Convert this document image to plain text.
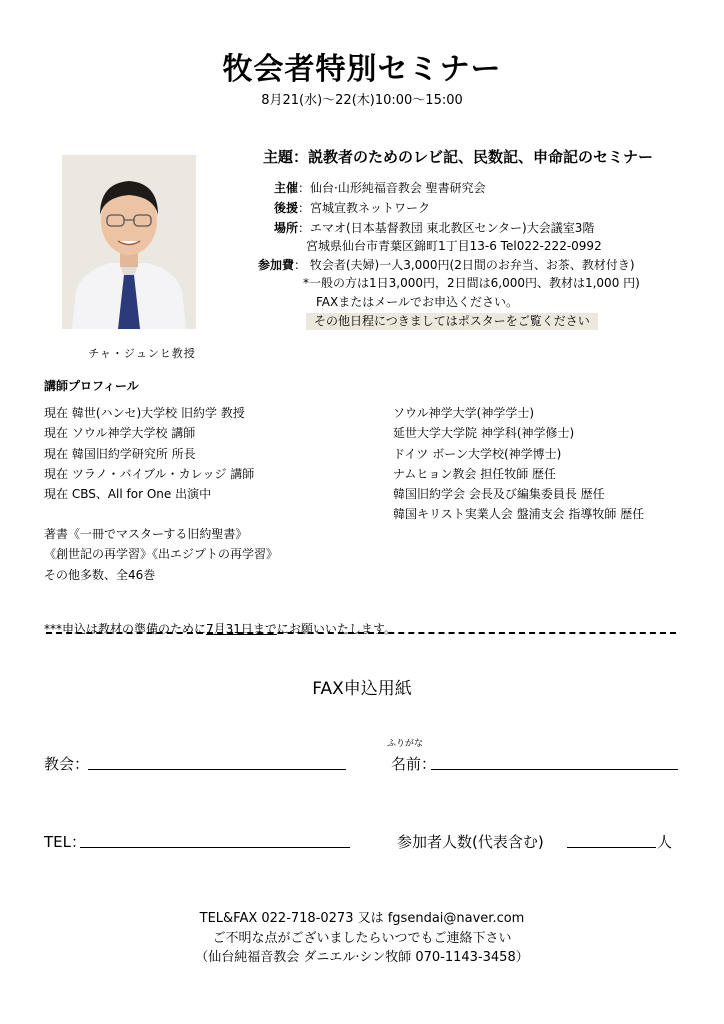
牧会者特別セミナー
8月21(水)～22(木)10:00～15:00
主題：説教者のためのレビ記、民数記、申命記のセミナー
チャ・ジュンヒ教授
主催：仙台·山形純福音教会 聖書研究会
後援：宮城宣教ネットワーク
場所：エマオ(日本基督教団 東北教区センター)大会議室3階
宮城県仙台市青葉区錦町1丁目13-6 Tel022-222-0992
参加費： 牧会者(夫婦)一人3,000円(2日間のお弁当、お茶、教材付き)
*一般の方は1日3,000円，2日間は6,000円、教材は1,000 円)
FAXまたはメールでお申込ください。
その他日程につきましてはポスターをご覧ください
講師プロフィール
現在 韓世(ハンセ)大学校 旧約学 教授
現在 ソウル神学大学校 講師
現在 韓国旧約学研究所 所長
現在 ツラノ・バイブル・カレッジ 講師
現在 CBS、All for One 出演中
ソウル神学大学(神学学士)
延世大学大学院 神学科(神学修士)
ドイツ ボーン大学校(神学博士)
ナムヒョン教会 担任牧師 歴任
韓国旧約学会 会長及び編集委員長 歴任
韓国キリスト実業人会 盤浦支会 指導牧師 歴任
著書《一冊でマスターする旧約聖書》
《創世記の再学習》《出エジプトの再学習》
その他多数、全46巻
***申込は教材の準備のために7月31日までにお願いいたします。
FAX申込用紙
教会：
ふりがな
名前：
TEL：	参加者人数(代表含む)	人
TEL&FAX 022-718-0273 又は fgsendai@naver.com
ご不明な点がございましたらいつでもご連絡下さい
（仙台純福音教会 ダニエル·シン牧師 070-1143-3458）
